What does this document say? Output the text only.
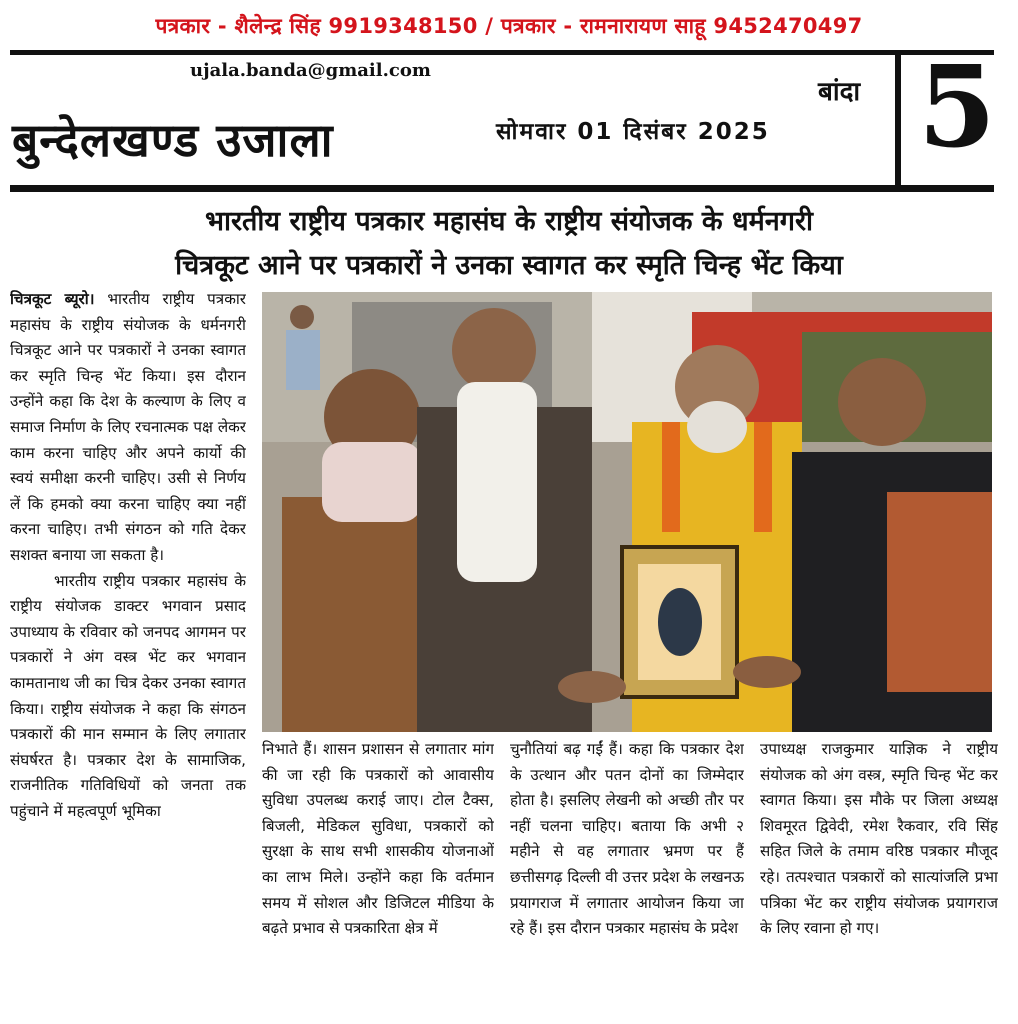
पत्रकार - शैलेन्द्र सिंह 9919348150 / पत्रकार - रामनारायण साहू 9452470497
ujala.banda@gmail.com
बुन्देलखण्ड उजाला
बांदा
सोमवार 01 दिसंबर 2025 5
भारतीय राष्ट्रीय पत्रकार महासंघ के राष्ट्रीय संयोजक के धर्मनगरी
चित्रकूट आने पर पत्रकारों ने उनका स्वागत कर स्मृति चिन्ह भेंट किया

चित्रकूट ब्यूरो। भारतीय राष्ट्रीय पत्रकार महासंघ के राष्ट्रीय संयोजक के धर्मनगरी चित्रकूट आने पर पत्रकारों ने उनका स्वागत कर स्मृति चिन्ह भेंट किया। इस दौरान उन्होंने कहा कि देश के कल्याण के लिए व समाज निर्माण के लिए रचनात्मक पक्ष लेकर काम करना चाहिए और अपने कार्यो की स्वयं समीक्षा करनी चाहिए। उसी से निर्णय लें कि हमको क्या करना चाहिए क्या नहीं करना चाहिए। तभी संगठन को गति देकर सशक्त बनाया जा सकता है।

भारतीय राष्ट्रीय पत्रकार महासंघ के राष्ट्रीय संयोजक डाक्टर भगवान प्रसाद उपाध्याय के रविवार को जनपद आगमन पर पत्रकारों ने अंग वस्त्र भेंट कर भगवान कामतानाथ जी का चित्र देकर उनका स्वागत किया। राष्ट्रीय संयोजक ने कहा कि संगठन पत्रकारों की मान सम्मान के लिए लगातार संघर्षरत है। पत्रकार देश के सामाजिक, राजनीतिक गतिविधियों को जनता तक पहुंचाने में महत्वपूर्ण भूमिका

निभाते हैं। शासन प्रशासन से लगातार मांग की जा रही कि पत्रकारों को आवासीय सुविधा उपलब्ध कराई जाए। टोल टैक्स, बिजली, मेडिकल सुविधा, पत्रकारों को सुरक्षा के साथ सभी शासकीय योजनाओं का लाभ मिले। उन्होंने कहा कि वर्तमान समय में सोशल और डिजिटल मीडिया के बढ़ते प्रभाव से पत्रकारिता क्षेत्र में

चुनौतियां बढ़ गईं हैं। कहा कि पत्रकार देश के उत्थान और पतन दोनों का जिम्मेदार होता है। इसलिए लेखनी को अच्छी तौर पर नहीं चलना चाहिए। बताया कि अभी २ महीने से वह लगातार भ्रमण पर हैं छत्तीसगढ़ दिल्ली वी उत्तर प्रदेश के लखनऊ प्रयागराज में लगातार आयोजन किया जा रहे हैं। इस दौरान पत्रकार महासंघ के प्रदेश

उपाध्यक्ष राजकुमार याज्ञिक ने राष्ट्रीय संयोजक को अंग वस्त्र, स्मृति चिन्ह भेंट कर स्वागत किया। इस मौके पर जिला अध्यक्ष शिवमूरत द्विवेदी, रमेश रैकवार, रवि सिंह सहित जिले के तमाम वरिष्ठ पत्रकार मौजूद रहे। तत्पश्चात पत्रकारों को सात्यांजलि प्रभा पत्रिका भेंट कर राष्ट्रीय संयोजक प्रयागराज के लिए रवाना हो गए।
